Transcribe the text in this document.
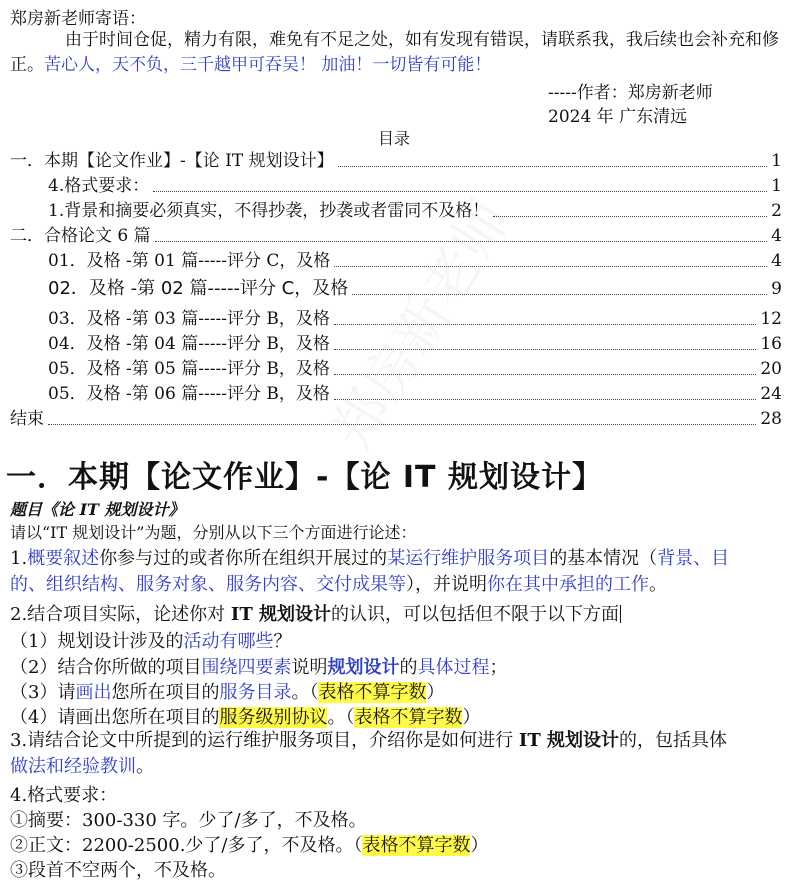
郑房新老师寄语：
由于时间仓促，精力有限，难免有不足之处，如有发现有错误，请联系我，我后续也会补充和修正。苦心人，天不负，三千越甲可吞吴！ 加油！一切皆有可能！
-----作者：郑房新老师
2024 年 广东清远
目录
一．本期【论文作业】-【论 IT 规划设计】	1
4.格式要求：	1
1.背景和摘要必须真实，不得抄袭，抄袭或者雷同不及格！	2
二．合格论文 6 篇	4
01．及格 -第 01 篇-----评分 C，及格	4
02．及格 -第 02 篇-----评分 C，及格	9
03．及格 -第 03 篇-----评分 B，及格	12
04．及格 -第 04 篇-----评分 B，及格	16
05．及格 -第 05 篇-----评分 B，及格	20
05．及格 -第 06 篇-----评分 B，及格	24
结束	28
一．本期【论文作业】-【论 IT 规划设计】
题目《论 IT 规划设计》
请以“IT 规划设计”为题，分别从以下三个方面进行论述：
1.概要叙述你参与过的或者你所在组织开展过的某运行维护服务项目的基本情况（背景、目
的、组织结构、服务对象、服务内容、交付成果等），并说明你在其中承担的工作。
2.结合项目实际，论述你对 IT 规划设计的认识，可以包括但不限于以下方面
（1）规划设计涉及的活动有哪些？
（2）结合你所做的项目围绕四要素说明规划设计的具体过程；
（3）请画出您所在项目的服务目录。（表格不算字数）
（4）请画出您所在项目的服务级别协议。（表格不算字数）
3.请结合论文中所提到的运行维护服务项目，介绍你是如何进行 IT 规划设计的，包括具体
做法和经验教训。
4.格式要求：
①摘要：300-330 字。少了/多了，不及格。
②正文：2200-2500.少了/多了，不及格。（表格不算字数）
③段首不空两个，不及格。
